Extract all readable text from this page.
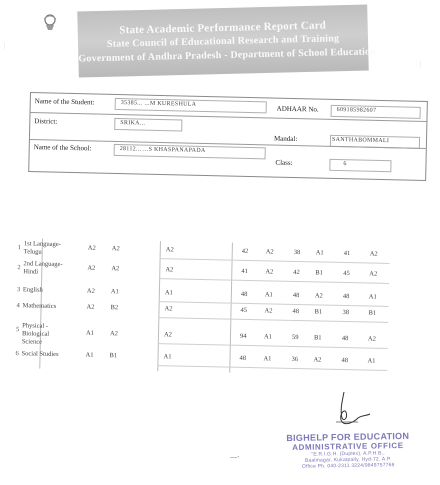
|
|
State Academic Performance Report Card
State Council of Educational Research and Training
Government of Andhra Pradesh - Department of School Education
Name of the Student:	35385... ...M KURESHULA
ADHAAR No.	609185982607
District:	SRIKA...
Mandal:	SANTHABOMMALI
Name of the School:	28112... ...S KHASPANAPADA
Class:	6
1 1st Language-
Telugu
A2 A2	A2	42	A2	38 A1	41	A2
2 2nd Language-
Hindi
A2 A2	A2	41	A2	42 B1	45	A2
3 English	A2 A1	A1	48	A1	48 A2	48	A1
4 Mathematics	A2 B2	A2	45	A2	48 B1	38	B1
5 Physical -
Biological
Science
A1 A2	A2	94	A1	59 B1	48	A2
6 Social Studies	A1 B1	A1	48	A1	36 A2	48	A1
—·
BIGHELP FOR EDUCATION
ADMINISTRATIVE OFFICE
"E.R.I.G.H. (Duplex), A.P.H.B.,
Baalinagar, Kukatpally, Hyd-72. A.P.
Office Ph. 040-2311 3224/9849757768
